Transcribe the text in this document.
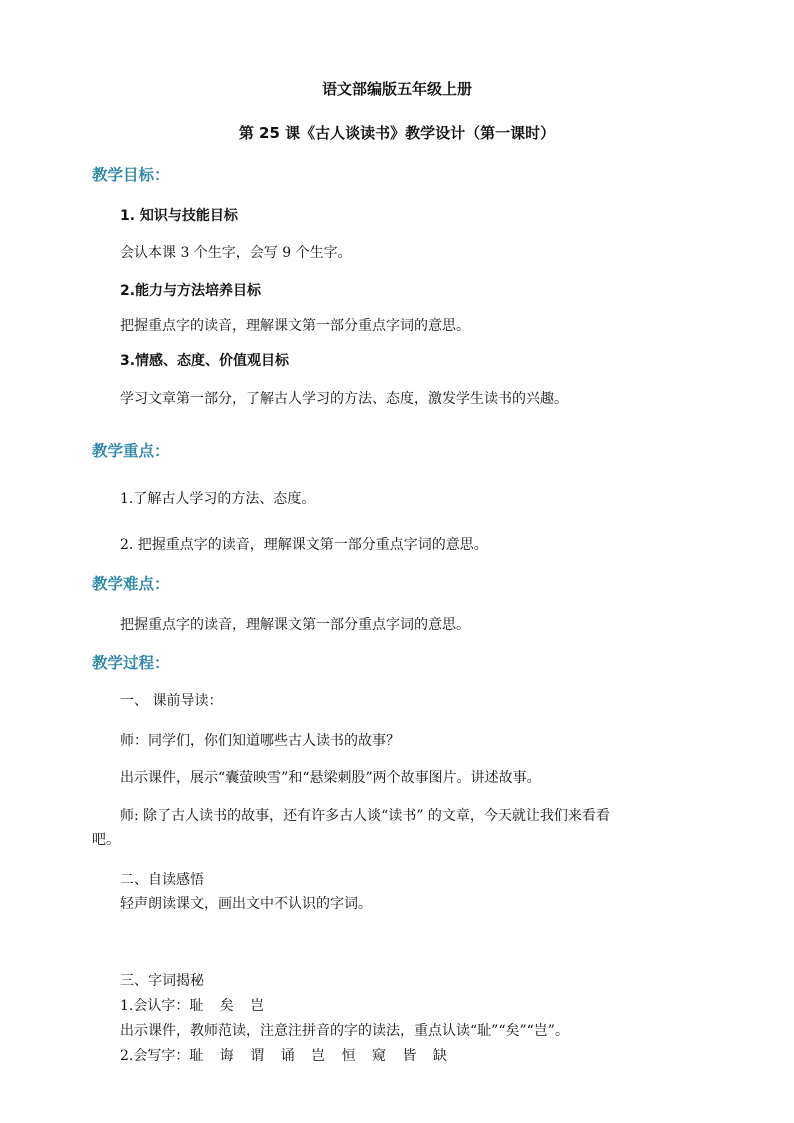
语文部编版五年级上册
第 25 课《古人谈读书》教学设计（第一课时）
教学目标：
1. 知识与技能目标
会认本课 3 个生字，会写 9 个生字。
2.能力与方法培养目标
把握重点字的读音，理解课文第一部分重点字词的意思。
3.情感、态度、价值观目标
学习文章第一部分，了解古人学习的方法、态度，激发学生读书的兴趣。
教学重点：
1.了解古人学习的方法、态度。
2. 把握重点字的读音，理解课文第一部分重点字词的意思。
教学难点：
把握重点字的读音，理解课文第一部分重点字词的意思。
教学过程：
一、 课前导读：
师：同学们，你们知道哪些古人读书的故事？
出示课件，展示“囊萤映雪”和“悬梁刺股”两个故事图片。讲述故事。
师: 除了古人读书的故事，还有许多古人谈“读书” 的文章，今天就让我们来看看
吧。
二、自读感悟
轻声朗读课文，画出文中不认识的字词。
三、字词揭秘
1.会认字：耻 矣 岂
出示课件，教师范读，注意注拼音的字的读法，重点认读“耻”“矣”“岂”。
2.会写字：耻 诲 谓 诵 岂 恒 窥 皆 缺
